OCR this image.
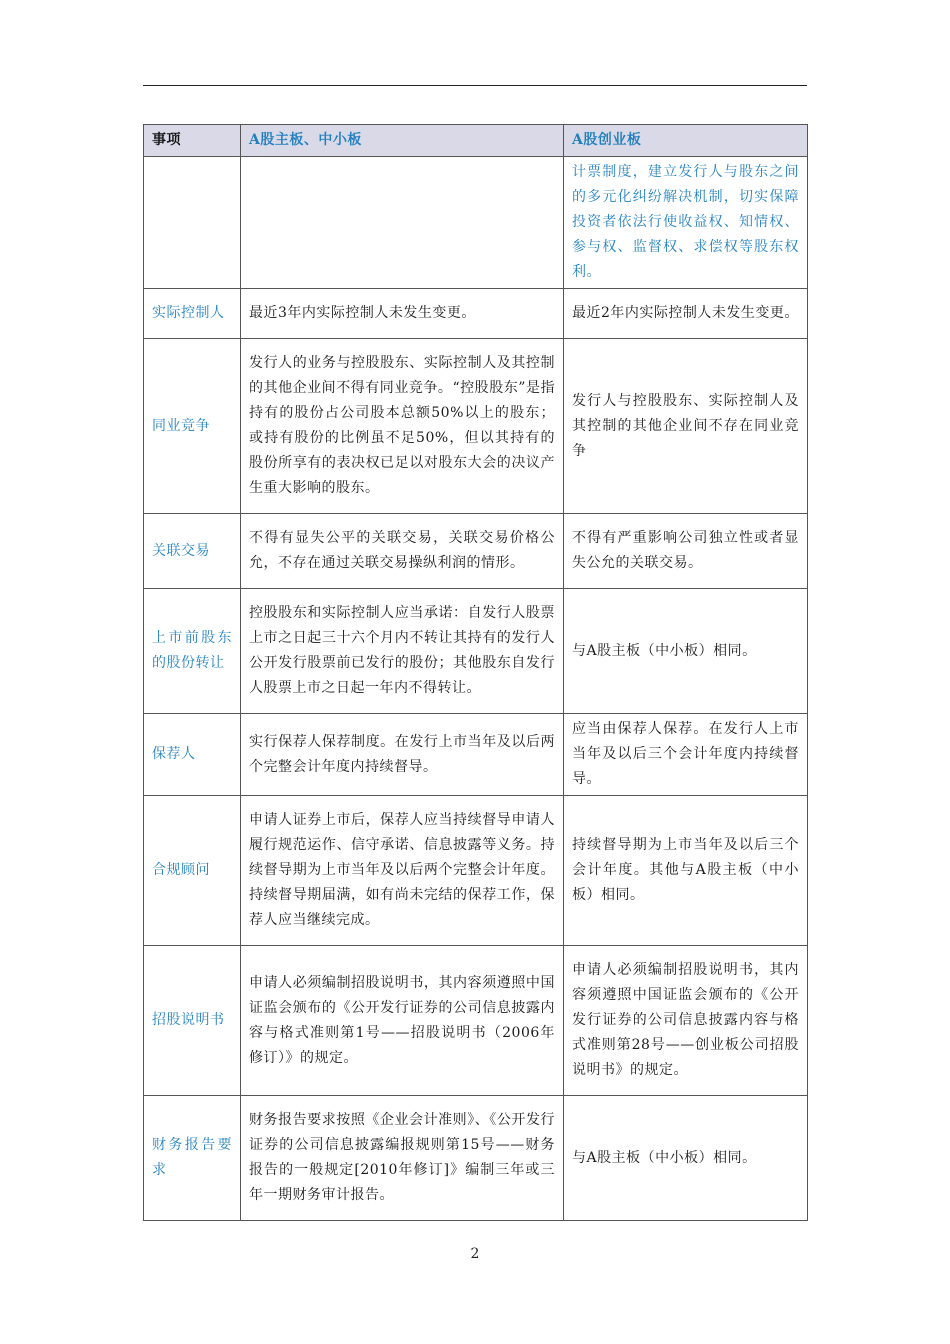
事项	A股主板、中小板	A股创业板
		计票制度，建立发行人与股东之间的多元化纠纷解决机制，切实保障投资者依法行使收益权、知情权、参与权、监督权、求偿权等股东权利。
实际控制人	最近3年内实际控制人未发生变更。	最近2年内实际控制人未发生变更。
同业竞争	发行人的业务与控股股东、实际控制人及其控制的其他企业间不得有同业竞争。“控股股东”是指持有的股份占公司股本总额50%以上的股东；或持有股份的比例虽不足50%，但以其持有的股份所享有的表决权已足以对股东大会的决议产生重大影响的股东。	发行人与控股股东、实际控制人及其控制的其他企业间不存在同业竞争
关联交易	不得有显失公平的关联交易，关联交易价格公允，不存在通过关联交易操纵利润的情形。	不得有严重影响公司独立性或者显失公允的关联交易。
上市前股东的股份转让	控股股东和实际控制人应当承诺：自发行人股票上市之日起三十六个月内不转让其持有的发行人公开发行股票前已发行的股份；其他股东自发行人股票上市之日起一年内不得转让。	与A股主板（中小板）相同。
保荐人	实行保荐人保荐制度。在发行上市当年及以后两个完整会计年度内持续督导。	应当由保荐人保荐。在发行人上市当年及以后三个会计年度内持续督导。
合规顾问	申请人证券上市后，保荐人应当持续督导申请人履行规范运作、信守承诺、信息披露等义务。持续督导期为上市当年及以后两个完整会计年度。持续督导期届满，如有尚未完结的保荐工作，保荐人应当继续完成。	持续督导期为上市当年及以后三个会计年度。其他与A股主板（中小板）相同。
招股说明书	申请人必须编制招股说明书，其内容须遵照中国证监会颁布的《公开发行证券的公司信息披露内容与格式准则第1号——招股说明书（2006年修订）》的规定。	申请人必须编制招股说明书，其内容须遵照中国证监会颁布的《公开发行证券的公司信息披露内容与格式准则第28号——创业板公司招股说明书》的规定。
财务报告要求	财务报告要求按照《企业会计准则》、《公开发行证券的公司信息披露编报规则第15号——财务报告的一般规定[2010年修订]》编制三年或三年一期财务审计报告。	与A股主板（中小板）相同。
2
